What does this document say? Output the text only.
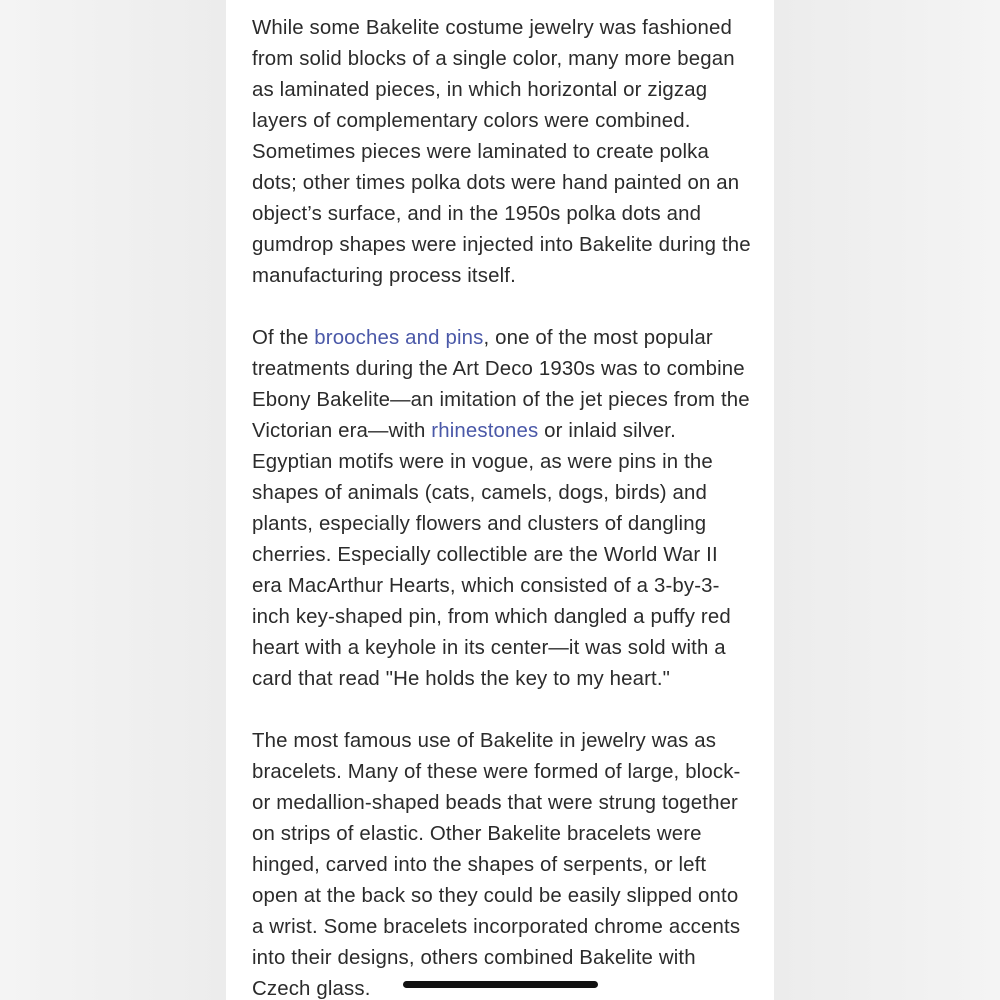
While some Bakelite costume jewelry was fashioned from solid blocks of a single color, many more began as laminated pieces, in which horizontal or zigzag layers of complementary colors were combined. Sometimes pieces were laminated to create polka dots; other times polka dots were hand painted on an object’s surface, and in the 1950s polka dots and gumdrop shapes were injected into Bakelite during the manufacturing process itself.

Of the brooches and pins, one of the most popular treatments during the Art Deco 1930s was to combine Ebony Bakelite—an imitation of the jet pieces from the Victorian era—with rhinestones or inlaid silver. Egyptian motifs were in vogue, as were pins in the shapes of animals (cats, camels, dogs, birds) and plants, especially flowers and clusters of dangling cherries. Especially collectible are the World War II era MacArthur Hearts, which consisted of a 3-by-3-inch key-shaped pin, from which dangled a puffy red heart with a keyhole in its center—it was sold with a card that read "He holds the key to my heart."

The most famous use of Bakelite in jewelry was as bracelets. Many of these were formed of large, block- or medallion-shaped beads that were strung together on strips of elastic. Other Bakelite bracelets were hinged, carved into the shapes of serpents, or left open at the back so they could be easily slipped onto a wrist. Some bracelets incorporated chrome accents into their designs, others combined Bakelite with Czech glass.
